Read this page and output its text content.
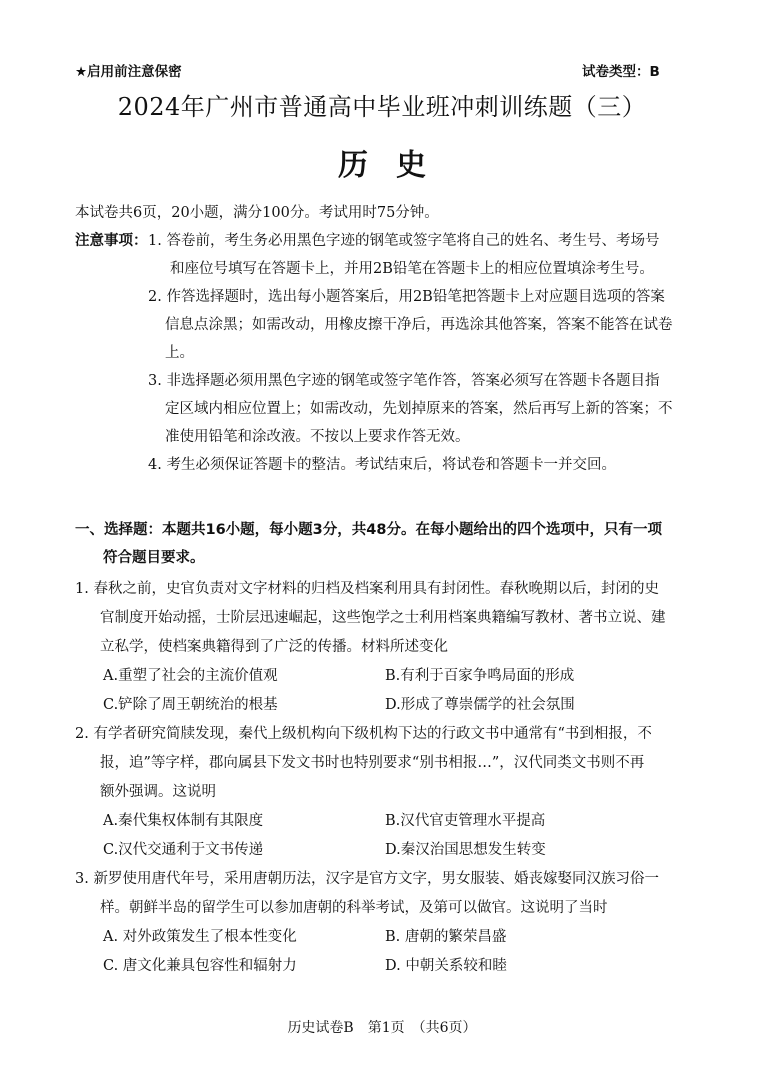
★启用前注意保密	试卷类型：B
2024年广州市普通高中毕业班冲刺训练题（三）
历史
本试卷共6页，20小题，满分100分。考试用时75分钟。
注意事项： 1. 答卷前，考生务必用黑色字迹的钢笔或签字笔将自己的姓名、考生号、考场号
和座位号填写在答题卡上，并用2B铅笔在答题卡上的相应位置填涂考生号。
2. 作答选择题时，选出每小题答案后，用2B铅笔把答题卡上对应题目选项的答案
信息点涂黑；如需改动，用橡皮擦干净后，再选涂其他答案，答案不能答在试卷
上。
3. 非选择题必须用黑色字迹的钢笔或签字笔作答，答案必须写在答题卡各题目指
定区域内相应位置上；如需改动，先划掉原来的答案，然后再写上新的答案；不
准使用铅笔和涂改液。不按以上要求作答无效。
4. 考生必须保证答题卡的整洁。考试结束后，将试卷和答题卡一并交回。
一、选择题：本题共16小题，每小题3分，共48分。在每小题给出的四个选项中，只有一项
符合题目要求。
1. 春秋之前，史官负责对文字材料的归档及档案利用具有封闭性。春秋晚期以后，封闭的史
官制度开始动摇，士阶层迅速崛起，这些饱学之士利用档案典籍编写教材、著书立说、建
立私学，使档案典籍得到了广泛的传播。材料所述变化
A.重塑了社会的主流价值观	B.有利于百家争鸣局面的形成
C.铲除了周王朝统治的根基	D.形成了尊崇儒学的社会氛围
2. 有学者研究简牍发现，秦代上级机构向下级机构下达的行政文书中通常有“书到相报，不
报，追”等字样，郡向属县下发文书时也特别要求“别书相报…”，汉代同类文书则不再
额外强调。这说明
A.秦代集权体制有其限度	B.汉代官吏管理水平提高
C.汉代交通利于文书传递	D.秦汉治国思想发生转变
3. 新罗使用唐代年号，采用唐朝历法，汉字是官方文字，男女服装、婚丧嫁娶同汉族习俗一
样。朝鲜半岛的留学生可以参加唐朝的科举考试，及第可以做官。这说明了当时
A. 对外政策发生了根本性变化	B. 唐朝的繁荣昌盛
C. 唐文化兼具包容性和辐射力	D. 中朝关系较和睦
历史试卷B　第1页　（共6页）
